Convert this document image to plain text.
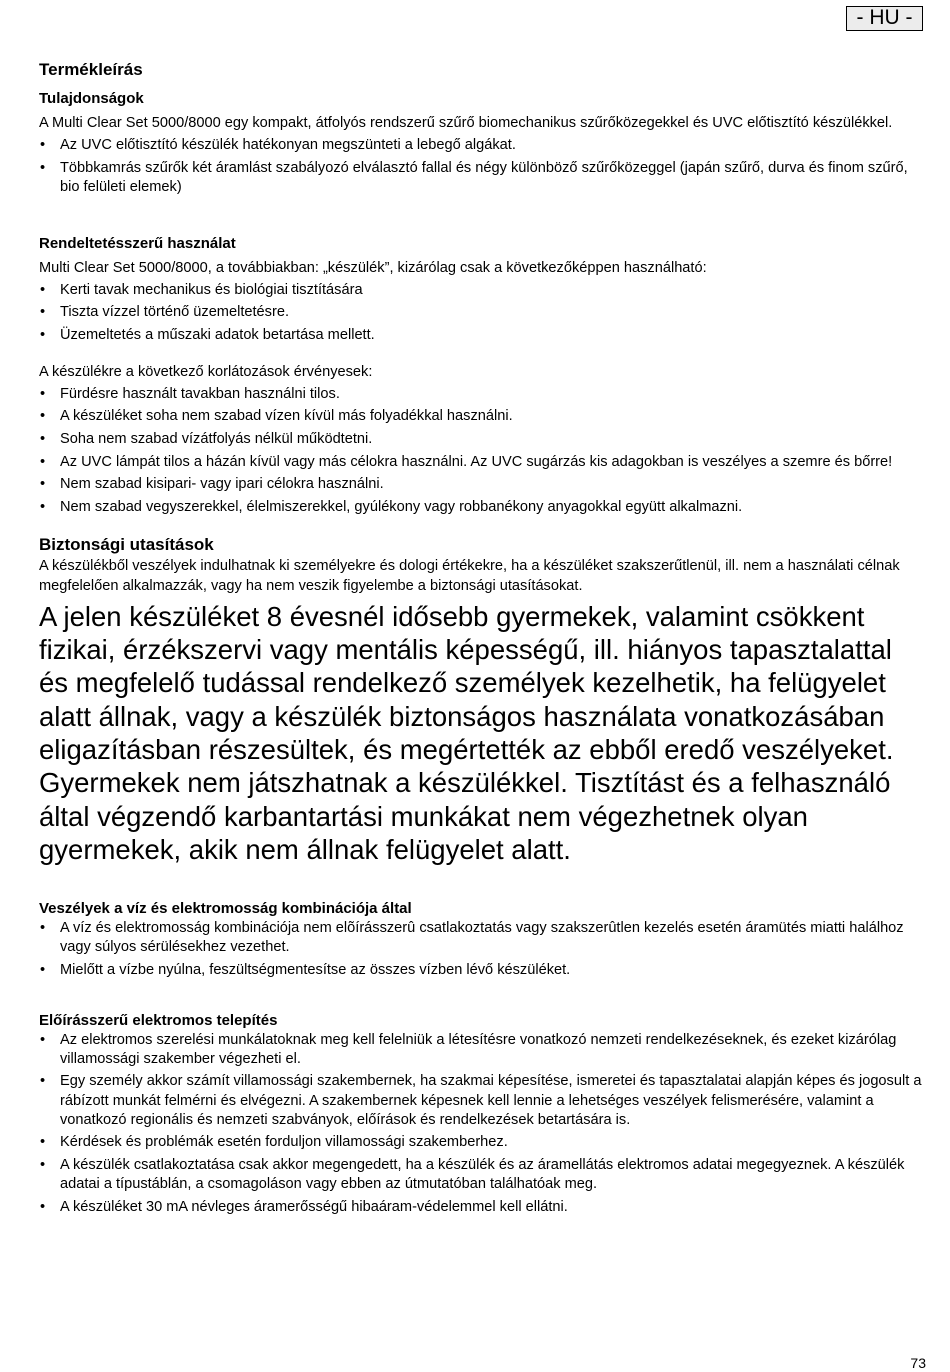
- HU -
Termékleírás
Tulajdonságok

A Multi Clear Set 5000/8000 egy kompakt, átfolyós rendszerű szűrő biomechanikus szűrőközegekkel és UVC előtisztító készülékkel.

• Az UVC előtisztító készülék hatékonyan megszünteti a lebegő algákat.
• Többkamrás szűrők két áramlást szabályozó elválasztó fallal és négy különböző szűrőközeggel (japán szűrő, durva és finom szűrő, bio felületi elemek)
Rendeltetésszerű használat

Multi Clear Set 5000/8000, a továbbiakban: „készülék”, kizárólag csak a következőképpen használható:

• Kerti tavak mechanikus és biológiai tisztítására
• Tiszta vízzel történő üzemeltetésre.
• Üzemeltetés a műszaki adatok betartása mellett.

A készülékre a következő korlátozások érvényesek:

• Fürdésre használt tavakban használni tilos.
• A készüléket soha nem szabad vízen kívül más folyadékkal használni.
• Soha nem szabad vízátfolyás nélkül működtetni.
• Az UVC lámpát tilos a házán kívül vagy más célokra használni. Az UVC sugárzás kis adagokban is veszélyes a szemre és bőrre!
• Nem szabad kisipari- vagy ipari célokra használni.
• Nem szabad vegyszerekkel, élelmiszerekkel, gyúlékony vagy robbanékony anyagokkal együtt alkalmazni.
Biztonsági utasítások

A készülékből veszélyek indulhatnak ki személyekre és dologi értékekre, ha a készüléket szakszerűtlenül, ill. nem a használati célnak megfelelően alkalmazzák, vagy ha nem veszik figyelembe a biztonsági utasításokat.

A jelen készüléket 8 évesnél idősebb gyermekek, valamint csökkent fizikai, érzékszervi vagy mentális képességű, ill. hiányos tapasztalattal és megfelelő tudással rendelkező személyek kezelhetik, ha felügyelet alatt állnak, vagy a készülék biztonságos használata vonatkozásában eligazításban részesültek, és megértették az ebből eredő veszélyeket. Gyermekek nem játszhatnak a készülékkel. Tisztítást és a felhasználó által végzendő karbantartási munkákat nem végezhetnek olyan gyermekek, akik nem állnak felügyelet alatt.

Veszélyek a víz és elektromosság kombinációja által
• A víz és elektromosság kombinációja nem elõírásszerû csatlakoztatás vagy szakszerûtlen kezelés esetén áramütés miatti halálhoz vagy súlyos sérülésekhez vezethet.
• Mielőtt a vízbe nyúlna, feszültségmentesítse az összes vízben lévő készüléket.
Előírásszerű elektromos telepítés
• Az elektromos szerelési munkálatoknak meg kell felelniük a létesítésre vonatkozó nemzeti rendelkezéseknek, és ezeket kizárólag villamossági szakember végezheti el.
• Egy személy akkor számít villamossági szakembernek, ha szakmai képesítése, ismeretei és tapasztalatai alapján képes és jogosult a rábízott munkát felmérni és elvégezni. A szakembernek képesnek kell lennie a lehetséges veszélyek felismerésére, valamint a vonatkozó regionális és nemzeti szabványok, előírások és rendelkezések betartására is.
• Kérdések és problémák esetén forduljon villamossági szakemberhez.
• A készülék csatlakoztatása csak akkor megengedett, ha a készülék és az áramellátás elektromos adatai megegyeznek. A készülék adatai a típustáblán, a csomagoláson vagy ebben az útmutatóban találhatóak meg.
• A készüléket 30 mA névleges áramerősségű hibaáram-védelemmel kell ellátni.
73
